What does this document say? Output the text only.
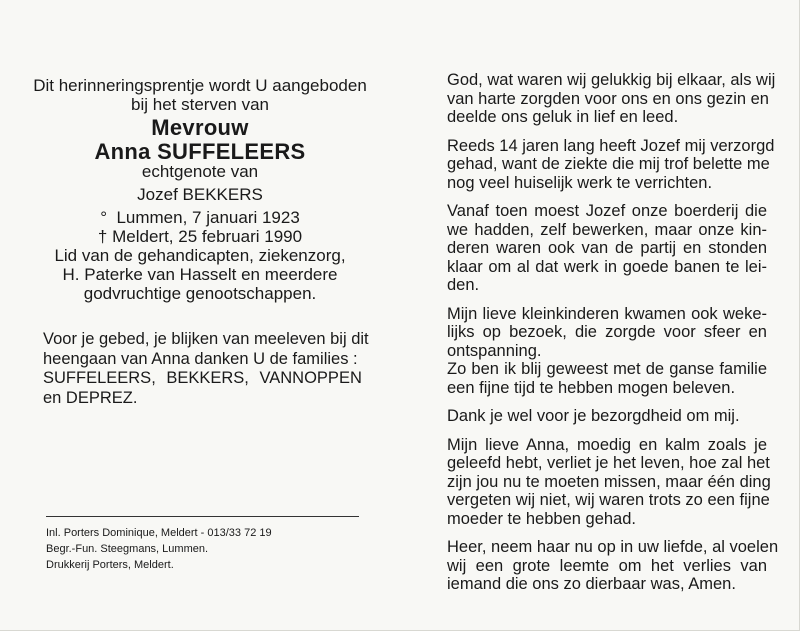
Dit herinneringsprentje wordt U aangeboden
bij het sterven van
Mevrouw
Anna SUFFELEERS
echtgenote van
Jozef BEKKERS
° Lummen, 7 januari 1923
† Meldert, 25 februari 1990
Lid van de gehandicapten, ziekenzorg,
H. Paterke van Hasselt en meerdere
godvruchtige genootschappen.
Voor je gebed, je blijken van meeleven bij dit
heengaan van Anna danken U de families :
SUFFELEERS, BEKKERS, VANNOPPEN
en DEPREZ.
Inl. Porters Dominique, Meldert - 013/33 72 19
Begr.-Fun. Steegmans, Lummen.
Drukkerij Porters, Meldert.
God, wat waren wij gelukkig bij elkaar, als wij
van harte zorgden voor ons en ons gezin en
deelde ons geluk in lief en leed.
Reeds 14 jaren lang heeft Jozef mij verzorgd
gehad, want de ziekte die mij trof belette me
nog veel huiselijk werk te verrichten.
Vanaf toen moest Jozef onze boerderij die
we hadden, zelf bewerken, maar onze kin-
deren waren ook van de partij en stonden
klaar om al dat werk in goede banen te lei-
den.
Mijn lieve kleinkinderen kwamen ook weke-
lijks op bezoek, die zorgde voor sfeer en
ontspanning.
Zo ben ik blij geweest met de ganse familie
een fijne tijd te hebben mogen beleven.
Dank je wel voor je bezorgdheid om mij.
Mijn lieve Anna, moedig en kalm zoals je
geleefd hebt, verliet je het leven, hoe zal het
zijn jou nu te moeten missen, maar één ding
vergeten wij niet, wij waren trots zo een fijne
moeder te hebben gehad.
Heer, neem haar nu op in uw liefde, al voelen
wij een grote leemte om het verlies van
iemand die ons zo dierbaar was, Amen.
